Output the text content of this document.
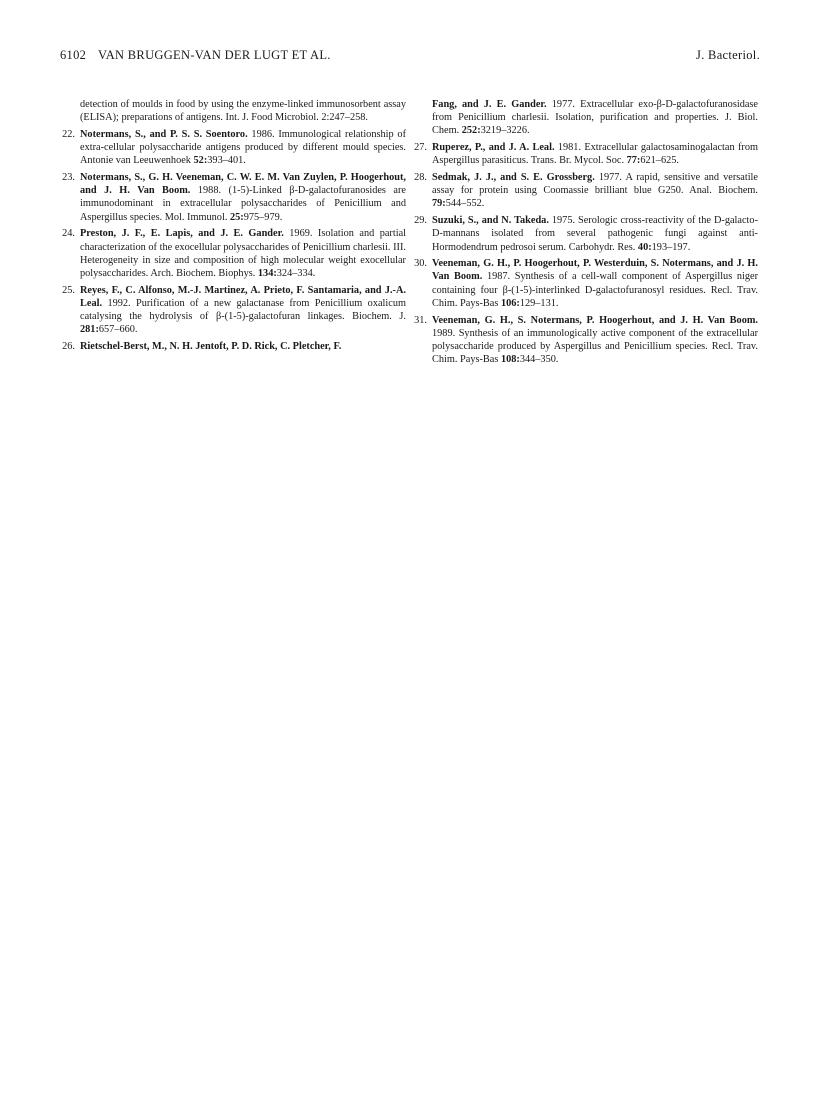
6102 VAN BRUGGEN-VAN DER LUGT ET AL.	J. Bacteriol.
detection of moulds in food by using the enzyme-linked immunosorbent assay (ELISA); preparations of antigens. Int. J. Food Microbiol. 2:247–258.
22. Notermans, S., and P. S. S. Soentoro. 1986. Immunological relationship of extra-cellular polysaccharide antigens produced by different mould species. Antonie van Leeuwenhoek 52:393–401.
23. Notermans, S., G. H. Veeneman, C. W. E. M. Van Zuylen, P. Hoogerhout, and J. H. Van Boom. 1988. (1-5)-Linked β-D-galactofuranosides are immunodominant in extracellular polysaccharides of Penicillium and Aspergillus species. Mol. Immunol. 25:975–979.
24. Preston, J. F., E. Lapis, and J. E. Gander. 1969. Isolation and partial characterization of the exocellular polysaccharides of Penicillium charlesii. III. Heterogeneity in size and composition of high molecular weight exocellular polysaccharides. Arch. Biochem. Biophys. 134:324–334.
25. Reyes, F., C. Alfonso, M.-J. Martinez, A. Prieto, F. Santamaria, and J.-A. Leal. 1992. Purification of a new galactanase from Penicillium oxalicum catalysing the hydrolysis of β-(1-5)-galactofuran linkages. Biochem. J. 281:657–660.
26. Rietschel-Berst, M., N. H. Jentoft, P. D. Rick, C. Pletcher, F.
Fang, and J. E. Gander. 1977. Extracellular exo-β-D-galactofuranosidase from Penicillium charlesii. Isolation, purification and properties. J. Biol. Chem. 252:3219–3226.
27. Ruperez, P., and J. A. Leal. 1981. Extracellular galactosaminogalactan from Aspergillus parasiticus. Trans. Br. Mycol. Soc. 77:621–625.
28. Sedmak, J. J., and S. E. Grossberg. 1977. A rapid, sensitive and versatile assay for protein using Coomassie brilliant blue G250. Anal. Biochem. 79:544–552.
29. Suzuki, S., and N. Takeda. 1975. Serologic cross-reactivity of the D-galacto-D-mannans isolated from several pathogenic fungi against anti-Hormodendrum pedrosoi serum. Carbohydr. Res. 40:193–197.
30. Veeneman, G. H., P. Hoogerhout, P. Westerduin, S. Notermans, and J. H. Van Boom. 1987. Synthesis of a cell-wall component of Aspergillus niger containing four β-(1-5)-interlinked D-galactofuranosyl residues. Recl. Trav. Chim. Pays-Bas 106:129–131.
31. Veeneman, G. H., S. Notermans, P. Hoogerhout, and J. H. Van Boom. 1989. Synthesis of an immunologically active component of the extracellular polysaccharide produced by Aspergillus and Penicillium species. Recl. Trav. Chim. Pays-Bas 108:344–350.
